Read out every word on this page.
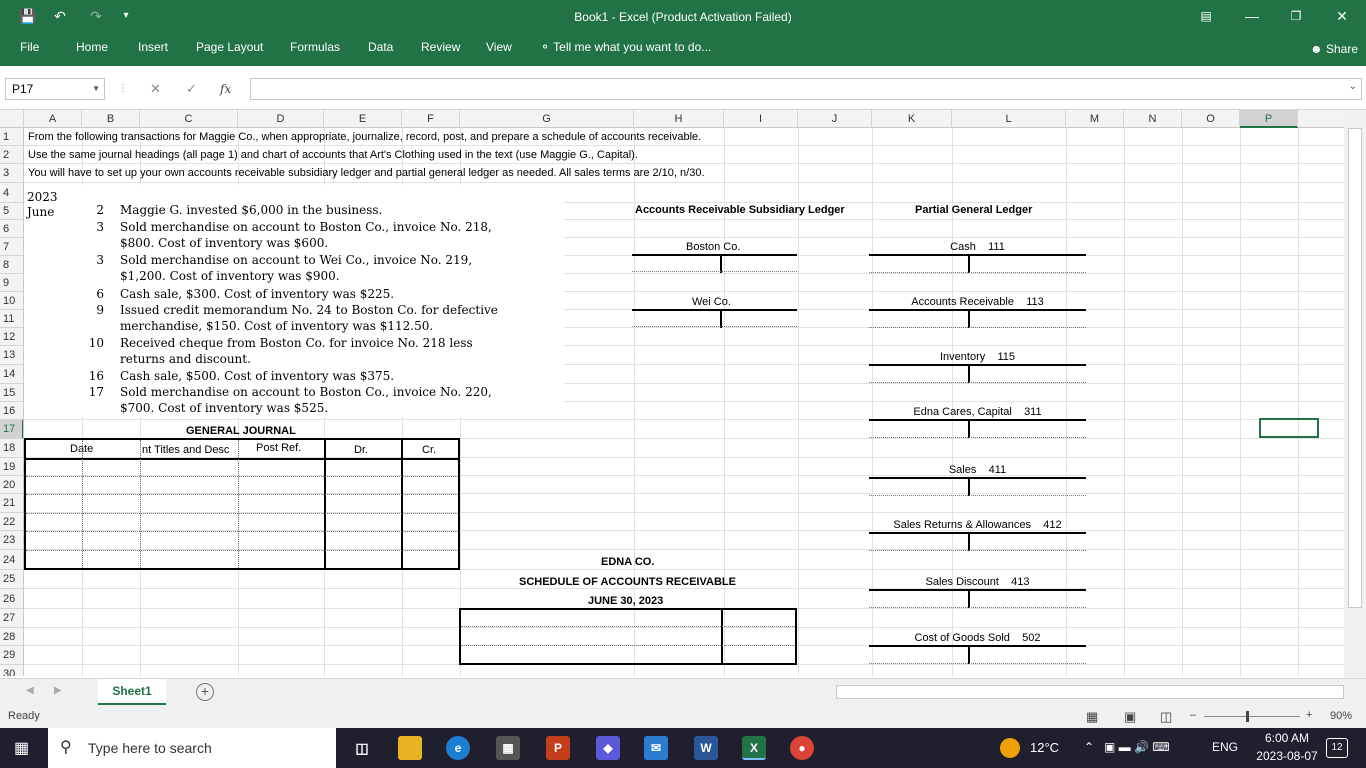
💾	↶	↷	▾	Book1 - Excel (Product Activation Failed)	▤	—	❐	✕
File	Home Insert Page Layout Formulas Data Review View ⚬ Tell me what you want to do...	☻ Share
P17	▼ ⋮ ✕ ✓ fx	⌄
A	B	C	D	E	F	G	H	I	J	K	L	M	N	O	P
1
2
3
4
5
6
7
8
9
10
11
12
13
14
15
16
17
18
19
20
21
22
23
24
25
26
27
28
29
30
From the following transactions for Maggie Co., when appropriate, journalize, record, post, and prepare a schedule of accounts receivable.
Use the same journal headings (all page 1) and chart of accounts that Art's Clothing used in the text (use Maggie G., Capital).
You will have to set up your own accounts receivable subsidiary ledger and partial general ledger as needed. All sales terms are 2/10, n/30.
2023
June	2 Maggie G. invested $6,000 in the business.
3 Sold merchandise on account to Boston Co., invoice No. 218,
$800. Cost of inventory was $600.
3 Sold merchandise on account to Wei Co., invoice No. 219,
$1,200. Cost of inventory was $900.
6 Cash sale, $300. Cost of inventory was $225.
9 Issued credit memorandum No. 24 to Boston Co. for defective
merchandise, $150. Cost of inventory was $112.50.
10 Received cheque from Boston Co. for invoice No. 218 less
returns and discount.
16 Cash sale, $500. Cost of inventory was $375.
17 Sold merchandise on account to Boston Co., invoice No. 220,
$700. Cost of inventory was $525.
GENERAL JOURNAL
Date	nt Titles and Desc	Post Ref.	Dr.	Cr.
Accounts Receivable Subsidiary Ledger
Boston Co.
Wei Co.
Partial General Ledger
Cash 111
Accounts Receivable 113
Inventory 115
Edna Cares, Capital 311
Sales 411
Sales Returns & Allowances 412
Sales Discount 413
Cost of Goods Sold 502
EDNA CO.
SCHEDULE OF ACCOUNTS RECEIVABLE
JUNE 30, 2023
◀ ▶	Sheet1	+
Ready	▦ ▣ ◫ –	+ 90%
▦ ⚲ Type here to search	◫	e	▦	P	◆	✉	W	X	●	12°C ⌃ ▣ ▬ 🔊 ⌨	ENG
6:00 AM
2023-08-07
12
